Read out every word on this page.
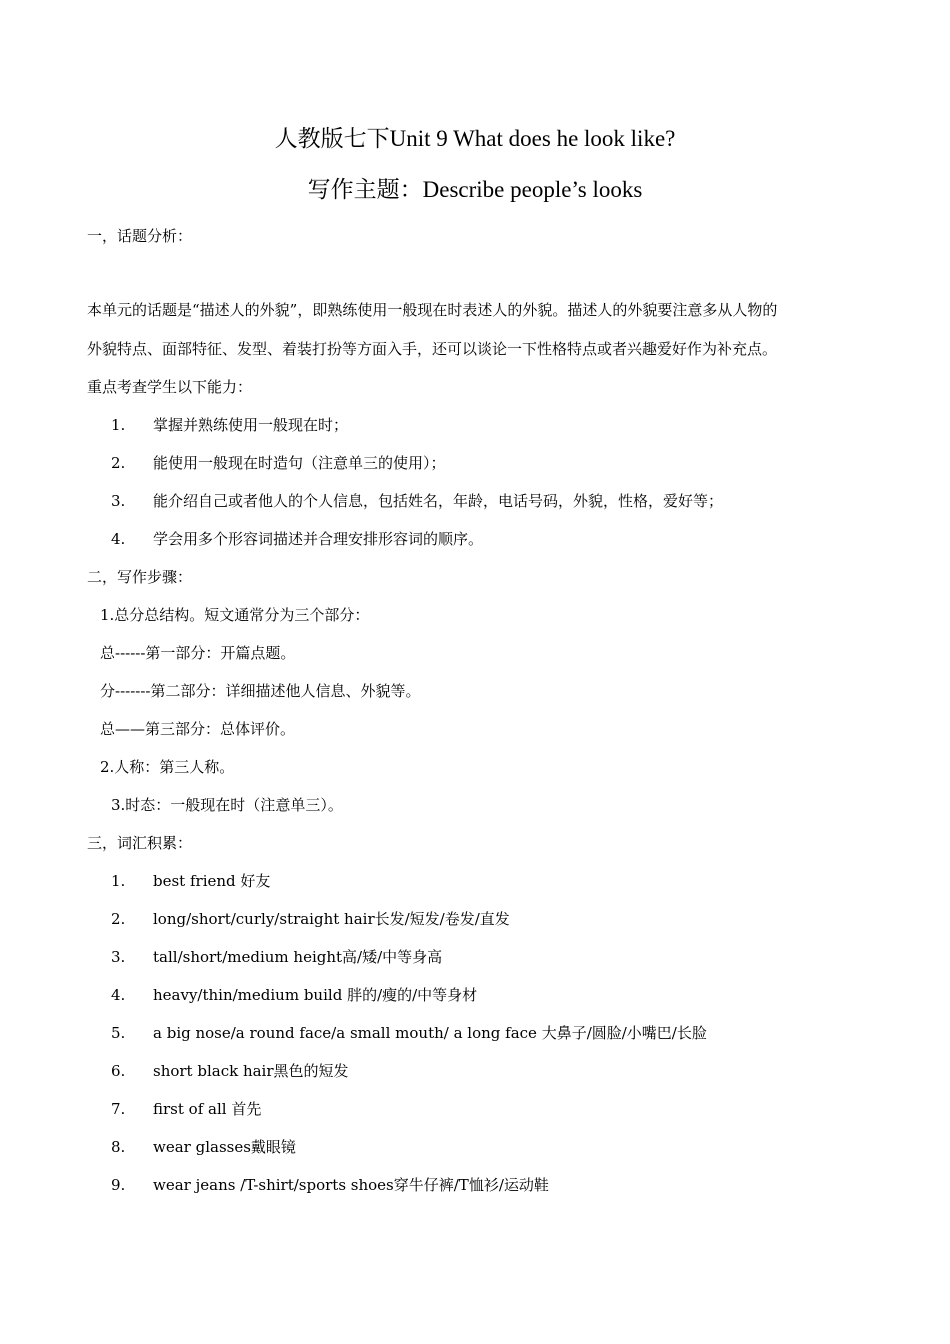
人教版七下Unit 9 What does he look like?
写作主题：Describe people’s looks
一，话题分析：
本单元的话题是“描述人的外貌”，即熟练使用一般现在时表述人的外貌。描述人的外貌要注意多从人物的
外貌特点、面部特征、发型、着装打扮等方面入手，还可以谈论一下性格特点或者兴趣爱好作为补充点。
重点考查学生以下能力：
1. 掌握并熟练使用一般现在时；
2. 能使用一般现在时造句（注意单三的使用）；
3. 能介绍自己或者他人的个人信息，包括姓名，年龄，电话号码，外貌，性格，爱好等；
4. 学会用多个形容词描述并合理安排形容词的顺序。
二，写作步骤：
1.总分总结构。短文通常分为三个部分：
总------第一部分：开篇点题。
分-------第二部分：详细描述他人信息、外貌等。
总——第三部分：总体评价。
2.人称：第三人称。
3.时态：一般现在时（注意单三）。
三，词汇积累：
1. best friend 好友
2. long/short/curly/straight hair长发/短发/卷发/直发
3. tall/short/medium height高/矮/中等身高
4. heavy/thin/medium build 胖的/瘦的/中等身材
5. a big nose/a round face/a small mouth/ a long face 大鼻子/圆脸/小嘴巴/长脸
6. short black hair黑色的短发
7. first of all 首先
8. wear glasses戴眼镜
9. wear jeans /T-shirt/sports shoes穿牛仔裤/T恤衫/运动鞋
